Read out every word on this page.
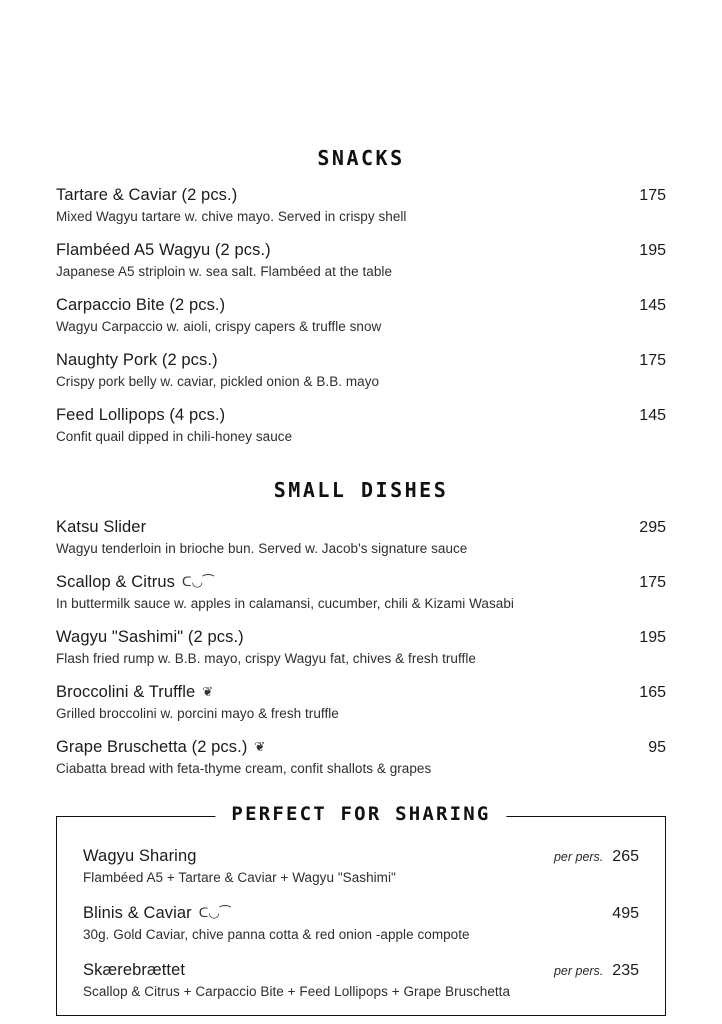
SNACKS
Tartare & Caviar (2 pcs.)	175
Mixed Wagyu tartare w. chive mayo. Served in crispy shell
Flambéed A5 Wagyu (2 pcs.)	195
Japanese A5 striploin w. sea salt. Flambéed at the table
Carpaccio Bite (2 pcs.)	145
Wagyu Carpaccio w. aioli, crispy capers & truffle snow
Naughty Pork (2 pcs.)	175
Crispy pork belly w. caviar, pickled onion & B.B. mayo
Feed Lollipops (4 pcs.)	145
Confit quail dipped in chili-honey sauce
SMALL DISHES
Katsu Slider	295
Wagyu tenderloin in brioche bun. Served w. Jacob's signature sauce
Scallop & Citrus ᑕ◡⁀	175
In buttermilk sauce w. apples in calamansi, cucumber, chili & Kizami Wasabi
Wagyu "Sashimi" (2 pcs.)	195
Flash fried rump w. B.B. mayo, crispy Wagyu fat, chives & fresh truffle
Broccolini & Truffle ❦	165
Grilled broccolini w. porcini mayo & fresh truffle
Grape Bruschetta (2 pcs.) ❦	95
Ciabatta bread with feta-thyme cream, confit shallots & grapes
PERFECT FOR SHARING
Wagyu Sharing	per pers. 265
Flambéed A5 + Tartare & Caviar + Wagyu "Sashimi"
Blinis & Caviar ᑕ◡⁀	495
30g. Gold Caviar, chive panna cotta & red onion -apple compote
Skærebrættet	per pers. 235
Scallop & Citrus + Carpaccio Bite + Feed Lollipops + Grape Bruschetta
